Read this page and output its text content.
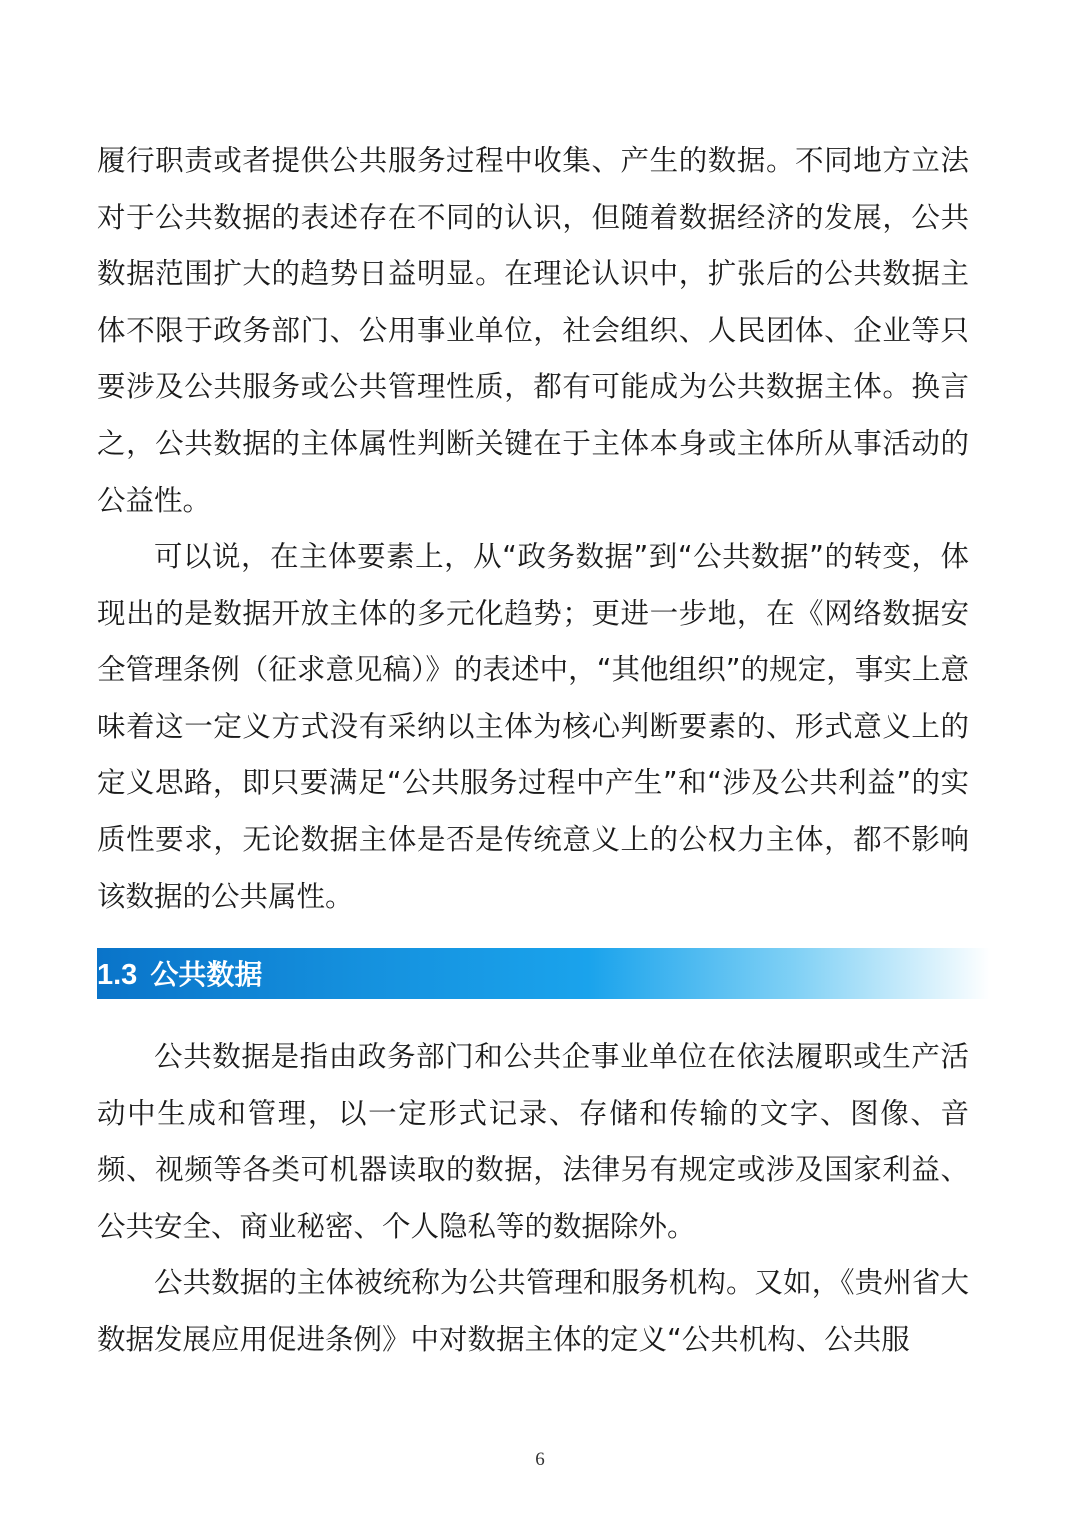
履行职责或者提供公共服务过程中收集、产生的数据。不同地方立法对于公共数据的表述存在不同的认识，但随着数据经济的发展，公共数据范围扩大的趋势日益明显。在理论认识中，扩张后的公共数据主体不限于政务部门、公用事业单位，社会组织、人民团体、企业等只要涉及公共服务或公共管理性质，都有可能成为公共数据主体。换言之，公共数据的主体属性判断关键在于主体本身或主体所从事活动的公益性。

可以说，在主体要素上，从“政务数据”到“公共数据”的转变，体现出的是数据开放主体的多元化趋势；更进一步地，在《网络数据安全管理条例（征求意见稿）》的表述中，“其他组织”的规定，事实上意味着这一定义方式没有采纳以主体为核心判断要素的、形式意义上的定义思路，即只要满足“公共服务过程中产生”和“涉及公共利益”的实质性要求，无论数据主体是否是传统意义上的公权力主体，都不影响该数据的公共属性。

1.3 公共数据

公共数据是指由政务部门和公共企事业单位在依法履职或生产活动中生成和管理，以一定形式记录、存储和传输的文字、图像、音频、视频等各类可机器读取的数据，法律另有规定或涉及国家利益、公共安全、商业秘密、个人隐私等的数据除外。

公共数据的主体被统称为公共管理和服务机构。又如，《贵州省大数据发展应用促进条例》中对数据主体的定义“公共机构、公共服

6
